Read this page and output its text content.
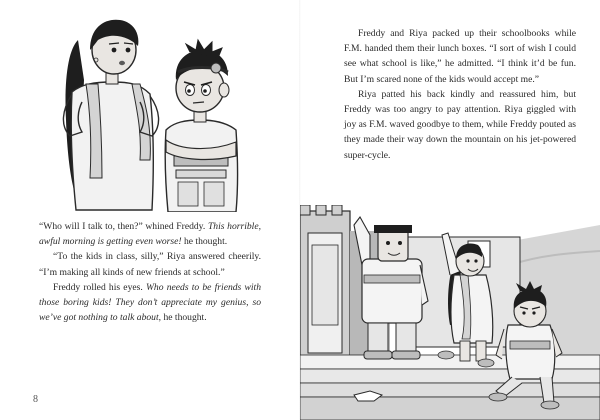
“Who will I talk to, then?” whined Freddy. This horrible, awful morning is getting even worse! he thought.

“To the kids in class, silly,” Riya answered cheerily. “I’m making all kinds of new friends at school.”

Freddy rolled his eyes. Who needs to be friends with those boring kids! They don’t appreciate my genius, so we’ve got nothing to talk about, he thought.

8

Freddy and Riya packed up their schoolbooks while F.M. handed them their lunch boxes. “I sort of wish I could see what school is like,” he admitted. “I think it’d be fun. But I’m scared none of the kids would accept me.”

Riya patted his back kindly and reassured him, but Freddy was too angry to pay attention. Riya giggled with joy as F.M. waved goodbye to them, while Freddy pouted as they made their way down the mountain on his jet-powered super-cycle.
